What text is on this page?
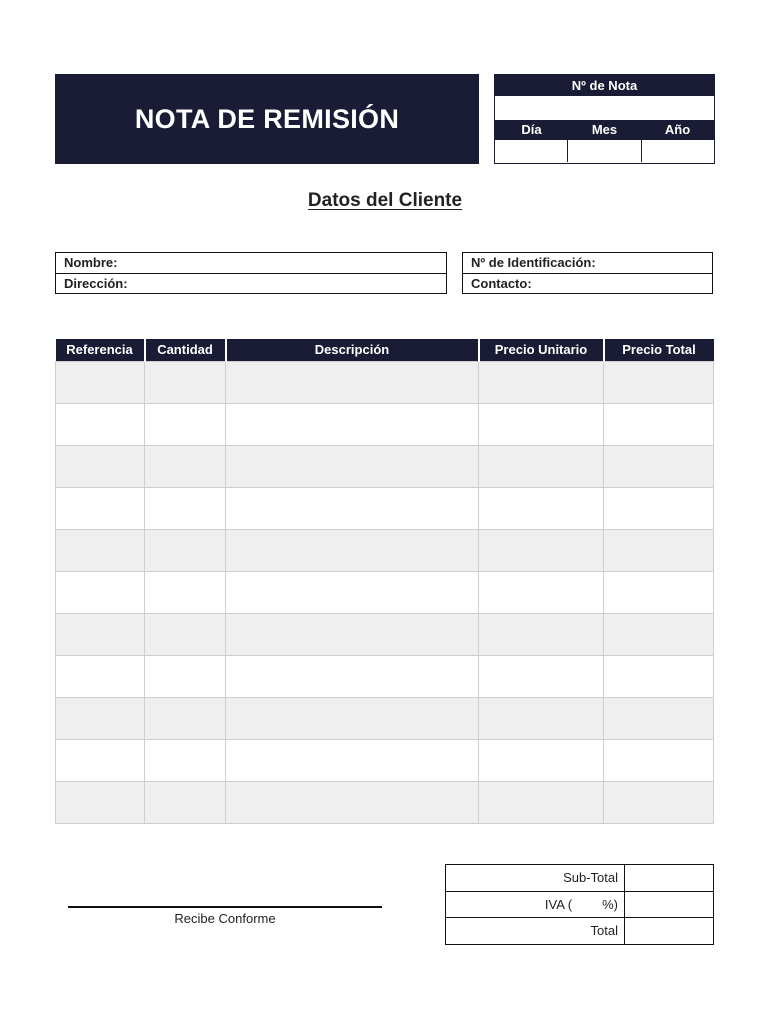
NOTA DE REMISIÓN
Nº de Nota
Día	Mes	Año
Datos del Cliente
Nombre:
Dirección:
Nº de Identificación:
Contacto:
Referencia	Cantidad	Descripción	Precio Unitario	Precio Total

Recibe Conforme
Sub-Total	
IVA ( %)	
Total	
